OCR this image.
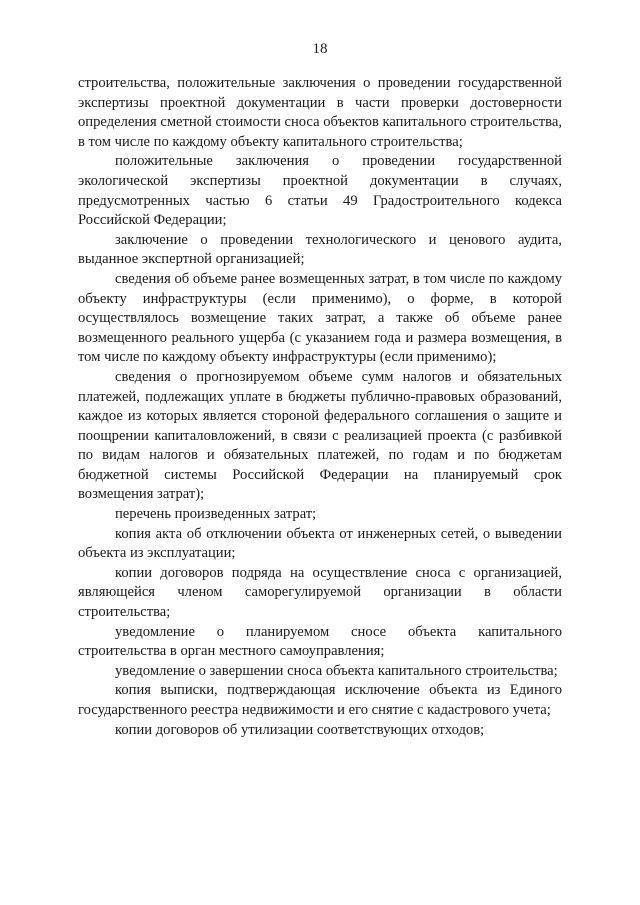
18

строительства, положительные заключения о проведении государственной экспертизы проектной документации в части проверки достоверности определения сметной стоимости сноса объектов капитального строительства, в том числе по каждому объекту капитального строительства;

положительные заключения о проведении государственной экологической экспертизы проектной документации в случаях, предусмотренных частью 6 статьи 49 Градостроительного кодекса Российской Федерации;

заключение о проведении технологического и ценового аудита, выданное экспертной организацией;

сведения об объеме ранее возмещенных затрат, в том числе по каждому объекту инфраструктуры (если применимо), о форме, в которой осуществлялось возмещение таких затрат, а также об объеме ранее возмещенного реального ущерба (с указанием года и размера возмещения, в том числе по каждому объекту инфраструктуры (если применимо);

сведения о прогнозируемом объеме сумм налогов и обязательных платежей, подлежащих уплате в бюджеты публично-правовых образований, каждое из которых является стороной федерального соглашения о защите и поощрении капиталовложений, в связи с реализацией проекта (с разбивкой по видам налогов и обязательных платежей, по годам и по бюджетам бюджетной системы Российской Федерации на планируемый срок возмещения затрат);

перечень произведенных затрат;

копия акта об отключении объекта от инженерных сетей, о выведении объекта из эксплуатации;

копии договоров подряда на осуществление сноса с организацией, являющейся членом саморегулируемой организации в области строительства;

уведомление о планируемом сносе объекта капитального строительства в орган местного самоуправления;

уведомление о завершении сноса объекта капитального строительства;

копия выписки, подтверждающая исключение объекта из Единого государственного реестра недвижимости и его снятие с кадастрового учета;

копии договоров об утилизации соответствующих отходов;
